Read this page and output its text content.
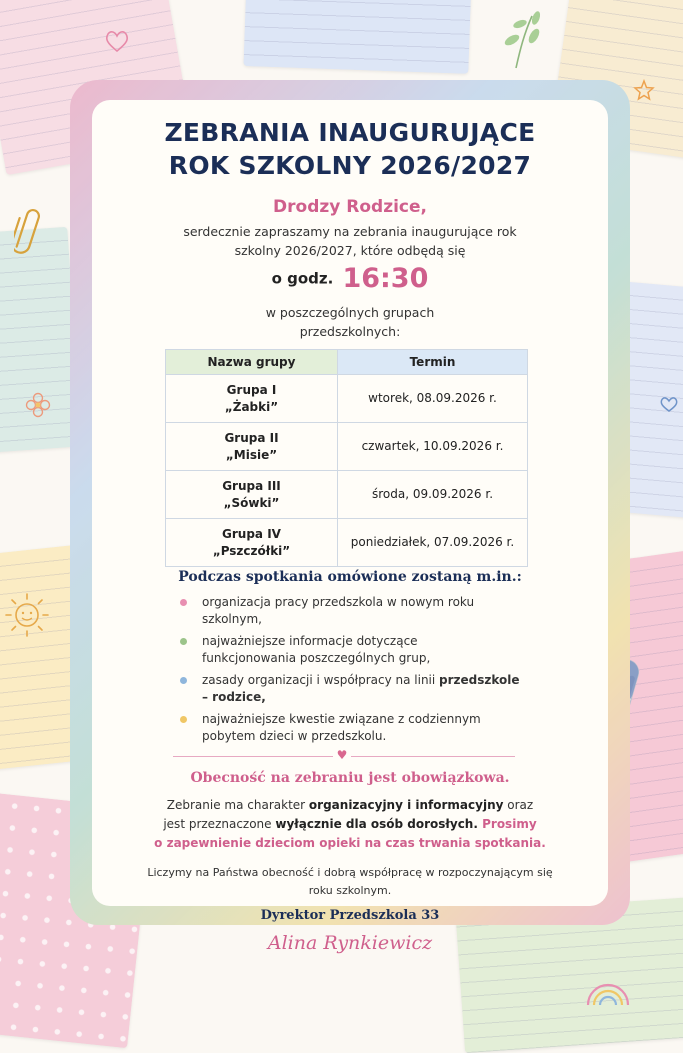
ZEBRANIA INAUGURUJĄCE
ROK SZKOLNY 2026/2027

Drodzy Rodzice,

serdecznie zapraszamy na zebrania inaugurujące rok
szkolny 2026/2027, które odbędą się

o godz. 16:30

w poszczególnych grupach
przedszkolnych:

Nazwa grupy	Termin
Grupa I
„Żabki”	wtorek, 08.09.2026 r.
Grupa II
„Misie”	czwartek, 10.09.2026 r.
Grupa III
„Sówki”	środa, 09.09.2026 r.
Grupa IV
„Pszczółki”	poniedziałek, 07.09.2026 r.
Podczas spotkania omówione zostaną m.in.:
organizacja pracy przedszkola w nowym roku
szkolnym,
najważniejsze informacje dotyczące
funkcjonowania poszczególnych grup,
zasady organizacji i współpracy na linii przedszkole
– rodzice,
najważniejsze kwestie związane z codziennym
pobytem dzieci w przedszkolu.
♥

Obecność na zebraniu jest obowiązkowa.

Zebranie ma charakter organizacyjny i informacyjny oraz
jest przeznaczone wyłącznie dla osób dorosłych. Prosimy
o zapewnienie dzieciom opieki na czas trwania spotkania.

Liczymy na Państwa obecność i dobrą współpracę w rozpoczynającym się
roku szkolnym.

Dyrektor Przedszkola 33

Alina Rynkiewicz
